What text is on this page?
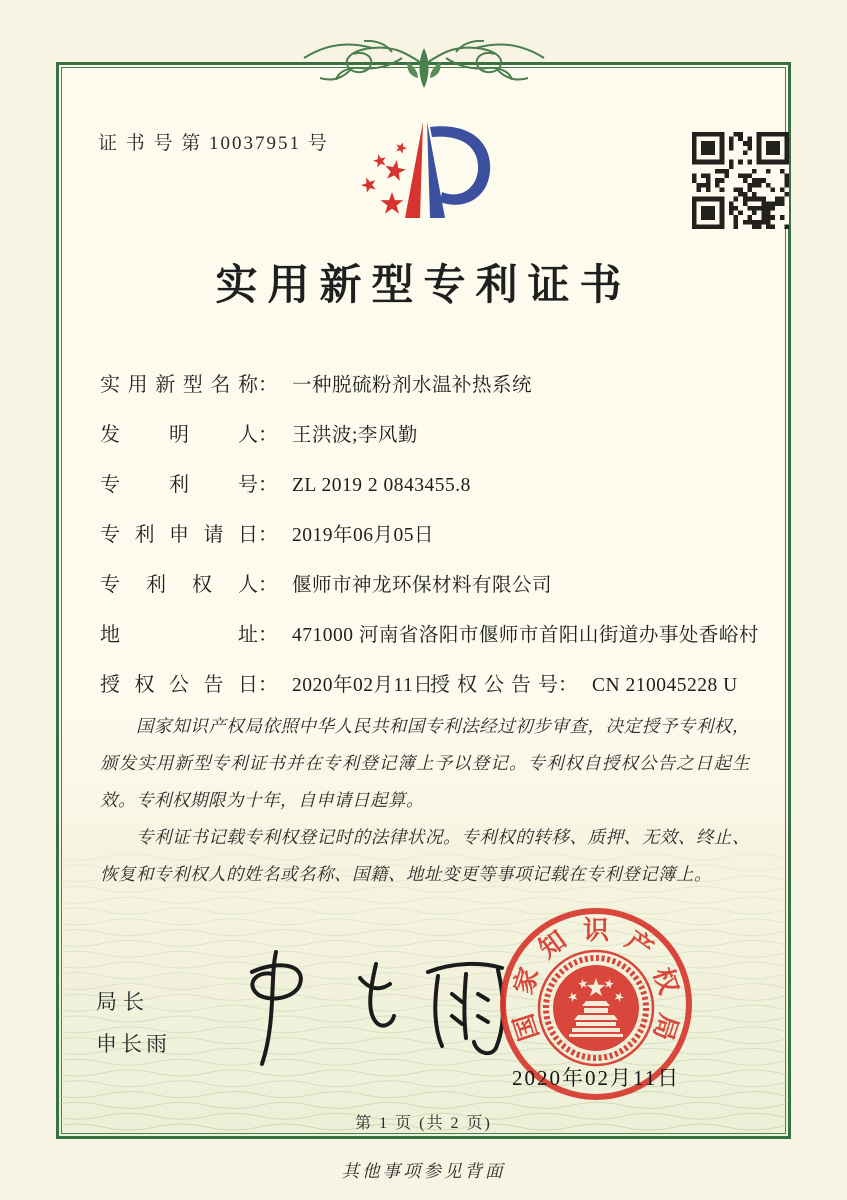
证 书 号 第 10037951 号
实用新型专利证书
实 用 新 型 名 称 ： 一种脱硫粉剂水温补热系统
发 明 人 ： 王洪波;李风勤
专 利 号 ： ZL 2019 2 0843455.8
专 利 申 请 日 ： 2019年06月05日
专 利 权 人 ： 偃师市神龙环保材料有限公司
地	址 ： 471000 河南省洛阳市偃师市首阳山街道办事处香峪村
授 权 公 告 日 ： 2020年02月11日
授 权 公 告 号 ： CN 210045228 U

国家知识产权局依照中华人民共和国专利法经过初步审查，决定授予专利权，颁发实用新型专利证书并在专利登记簿上予以登记。专利权自授权公告之日起生效。专利权期限为十年，自申请日起算。

专利证书记载专利权登记时的法律状况。专利权的转移、质押、无效、终止、恢复和专利权人的姓名或名称、国籍、地址变更等事项记载在专利登记簿上。

局长
申长雨
国
家
知 识 产
权
局
2020年02月11日
第 1 页 (共 2 页)
其他事项参见背面
